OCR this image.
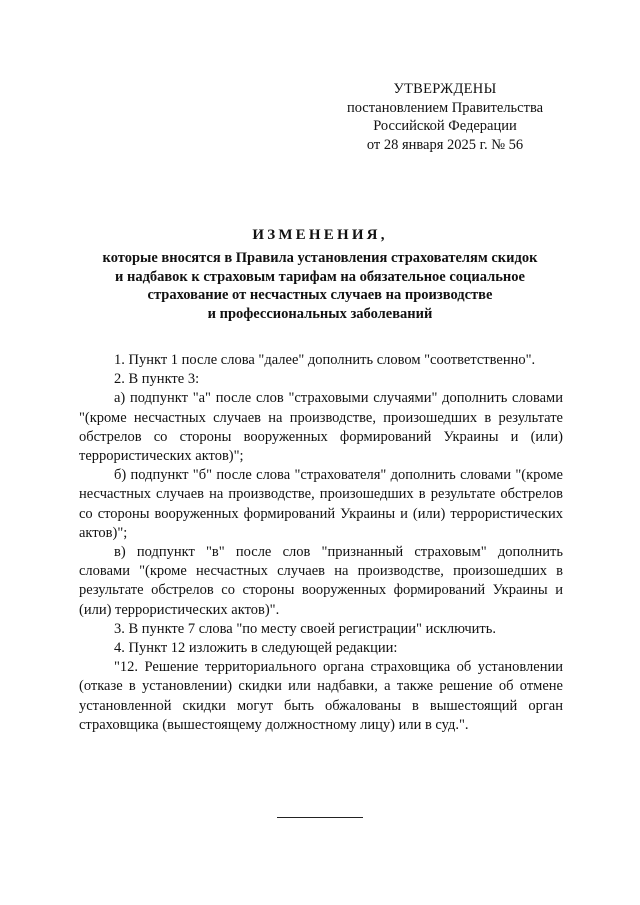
УТВЕРЖДЕНЫ
постановлением Правительства
Российской Федерации
от 28 января 2025 г. № 56
ИЗМЕНЕНИЯ,
которые вносятся в Правила установления страхователям скидок
и надбавок к страховым тарифам на обязательное социальное
страхование от несчастных случаев на производстве
и профессиональных заболеваний

1. Пункт 1 после слова "далее" дополнить словом "соответственно".

2. В пункте 3:

а) подпункт "а" после слов "страховыми случаями" дополнить словами "(кроме несчастных случаев на производстве, произошедших в результате обстрелов со стороны вооруженных формирований Украины и (или) террористических актов)";

б) подпункт "б" после слова "страхователя" дополнить словами "(кроме несчастных случаев на производстве, произошедших в результате обстрелов со стороны вооруженных формирований Украины и (или) террористических актов)";

в) подпункт "в" после слов "признанный страховым" дополнить словами "(кроме несчастных случаев на производстве, произошедших в результате обстрелов со стороны вооруженных формирований Украины и (или) террористических актов)".

3. В пункте 7 слова "по месту своей регистрации" исключить.

4. Пункт 12 изложить в следующей редакции:

"12. Решение территориального органа страховщика об установлении (отказе в установлении) скидки или надбавки, а также решение об отмене установленной скидки могут быть обжалованы в вышестоящий орган страховщика (вышестоящему должностному лицу) или в суд.".
